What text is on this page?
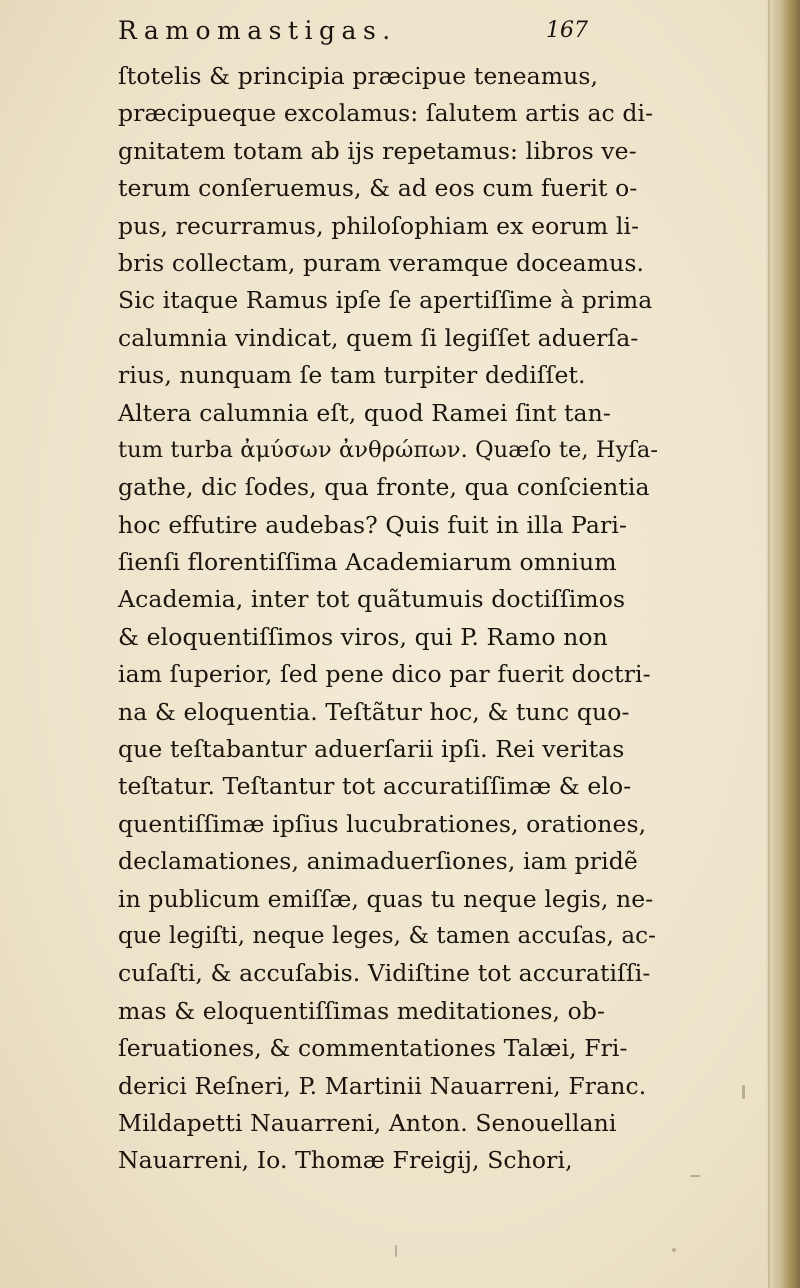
Ramomastigas.	167
ſtotelis & principia præcipue teneamus,
præcipueque excolamus: ſalutem artis ac di-
gnitatem totam ab ijs repetamus: libros ve-
terum conſeruemus, & ad eos cum fuerit o-
pus, recurramus, philoſophiam ex eorum li-
bris collectam, puram veramque doceamus.
Sic itaque Ramus ipſe ſe apertiſſime à prima
calumnia vindicat, quem ſi legiſſet aduerſa-
rius, nunquam ſe tam turpiter dediſſet.
Altera calumnia eſt, quod Ramei ſint tan-
tum turba ἀμύσων ἀνθρώπων. Quæſo te, Hyſa-
gathe, dic ſodes, qua fronte, qua conſcientia
hoc effutire audebas? Quis fuit in illa Pari-
ſienſi florentiſſima Academiarum omnium
Academia, inter tot quãtumuis doctiſſimos
& eloquentiſſimos viros, qui P. Ramo non
iam ſuperior, ſed pene dico par fuerit doctri-
na & eloquentia. Teſtãtur hoc, & tunc quo-
que teſtabantur aduerſarii ipſi. Rei veritas
teſtatur. Teſtantur tot accuratiſſimæ & elo-
quentiſſimæ ipſius lucubrationes, orationes,
declamationes, animaduerſiones, iam pridẽ
in publicum emiſſæ, quas tu neque legis, ne-
que legiſti, neque leges, & tamen accuſas, ac-
cuſaſti, & accuſabis. Vidiſtine tot accuratiſſi-
mas & eloquentiſſimas meditationes, ob-
ſeruationes, & commentationes Talæi, Fri-
derici Reſneri, P. Martinii Nauarreni, Franc.
Mildapetti Nauarreni, Anton. Senouellani
Nauarreni, Io. Thomæ Freigij, Schori,
